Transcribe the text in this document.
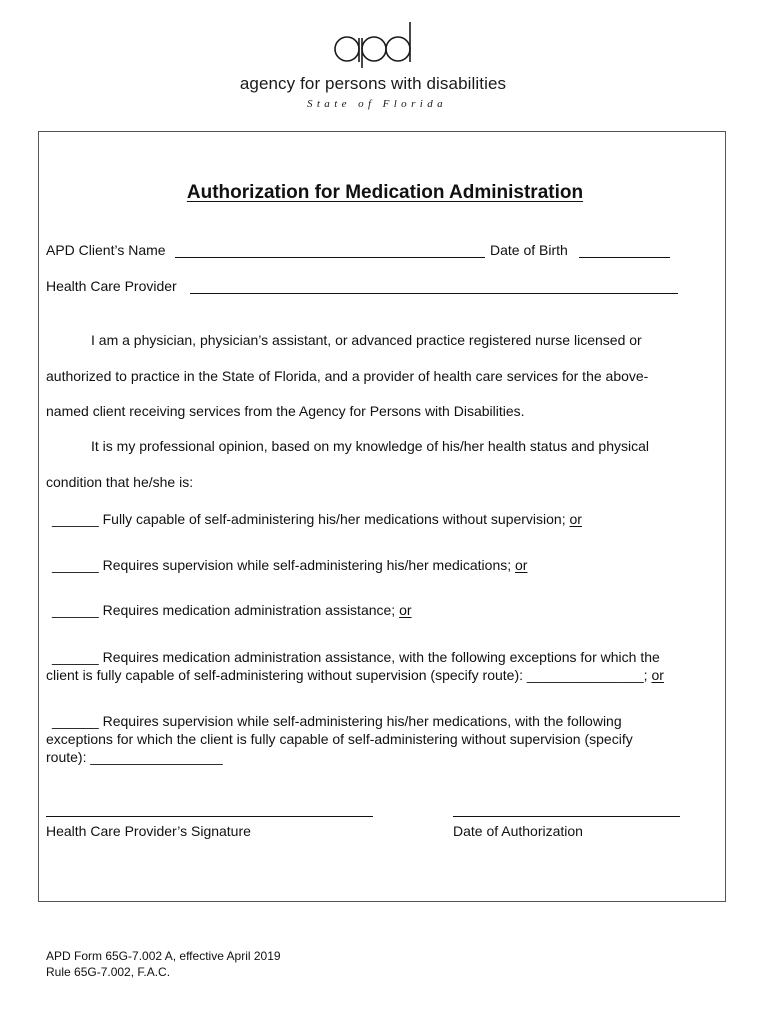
agency for persons with disabilities
State of Florida
Authorization for Medication Administration
APD Client’s Name	Date of Birth
Health Care Provider
I am a physician, physician’s assistant, or advanced practice registered nurse licensed or
authorized to practice in the State of Florida, and a provider of health care services for the above-
named client receiving services from the Agency for Persons with Disabilities.
It is my professional opinion, based on my knowledge of his/her health status and physical
condition that he/she is:
______ Fully capable of self-administering his/her medications without supervision; or
______ Requires supervision while self-administering his/her medications; or
______ Requires medication administration assistance; or
______ Requires medication administration assistance, with the following exceptions for which the
client is fully capable of self-administering without supervision (specify route): _______________; or
______ Requires supervision while self-administering his/her medications, with the following
exceptions for which the client is fully capable of self-administering without supervision (specify
route): _________________
Health Care Provider’s Signature	Date of Authorization
APD Form 65G-7.002 A, effective April 2019
Rule 65G-7.002, F.A.C.
